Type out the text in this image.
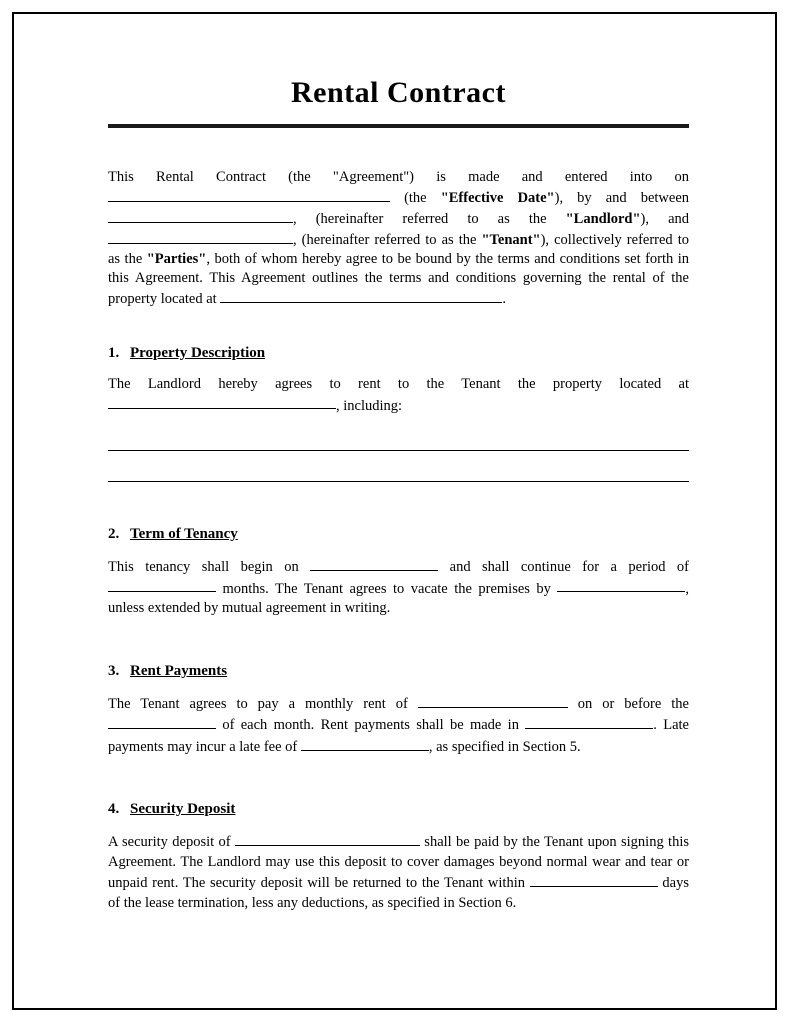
Rental Contract
This Rental Contract (the "Agreement") is made and entered into on  (the "Effective Date"), by and between , (hereinafter referred to as the "Landlord"), and , (hereinafter referred to as the "Tenant"), collectively referred to as the "Parties", both of whom hereby agree to be bound by the terms and conditions set forth in this Agreement. This Agreement outlines the terms and conditions governing the rental of the property located at	.
1. Property Description

The Landlord hereby agrees to rent to the Tenant the property located at , including:

2. Term of Tenancy

This tenancy shall begin on	and shall continue for a period of  months. The Tenant agrees to vacate the premises by	, unless extended by mutual agreement in writing.

3. Rent Payments

The Tenant agrees to pay a monthly rent of	on or before the  of each month. Rent payments shall be made in	. Late payments may incur a late fee of	, as specified in Section 5.

4. Security Deposit

A security deposit of	shall be paid by the Tenant upon signing this Agreement. The Landlord may use this deposit to cover damages beyond normal wear and tear or unpaid rent. The security deposit will be returned to the Tenant within	days of the lease termination, less any deductions, as specified in Section 6.
